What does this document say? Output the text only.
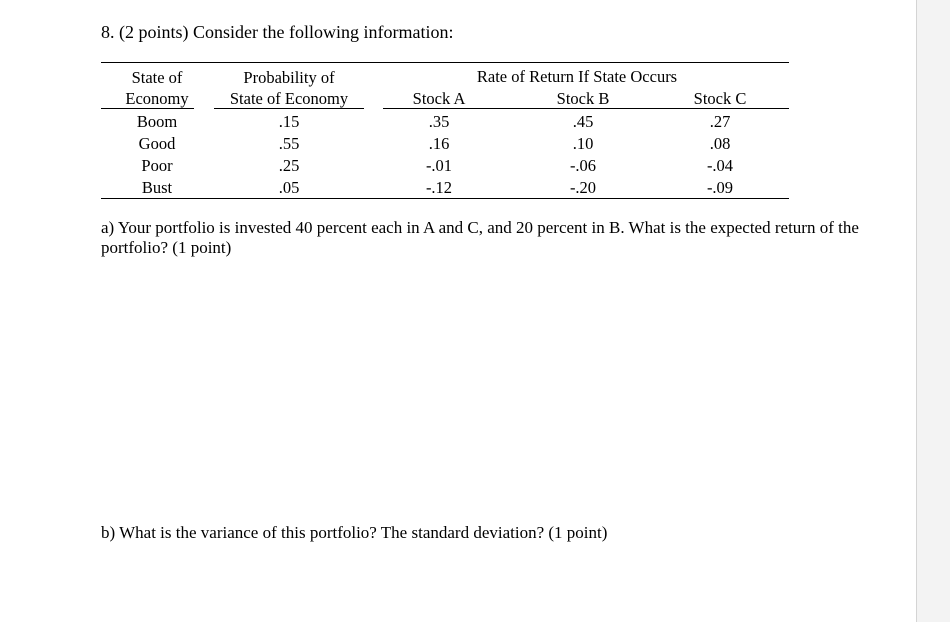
8. (2 points) Consider the following information:
State of	Probability of	Rate of Return If State Occurs
Economy	State of Economy	Stock A	Stock B	Stock C
Boom	.15	.35	.45	.27
Good	.55	.16	.10	.08
Poor	.25	-.01	-.06	-.04
Bust	.05	-.12	-.20	-.09
a) Your portfolio is invested 40 percent each in A and C, and 20 percent in B. What is the expected return of the portfolio? (1 point)
b) What is the variance of this portfolio? The standard deviation? (1 point)
